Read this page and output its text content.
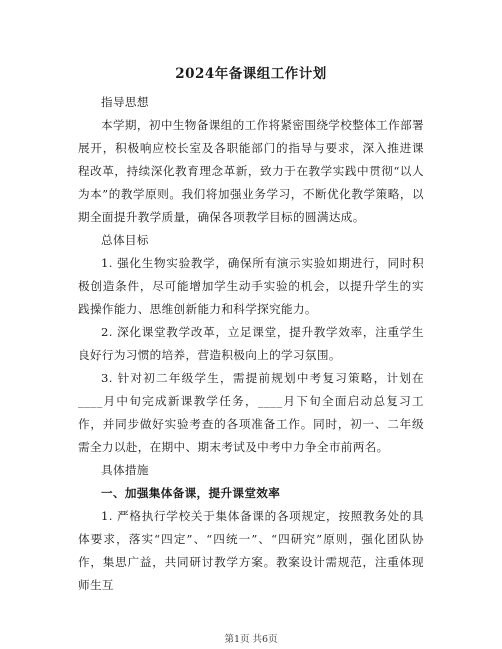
2024年备课组工作计划

指导思想

本学期，初中生物备课组的工作将紧密围绕学校整体工作部署展开，积极响应校长室及各职能部门的指导与要求，深入推进课程改革，持续深化教育理念革新，致力于在教学实践中贯彻“以人为本”的教学原则。我们将加强业务学习，不断优化教学策略，以期全面提升教学质量，确保各项教学目标的圆满达成。

总体目标

1. 强化生物实验教学，确保所有演示实验如期进行，同时积极创造条件，尽可能增加学生动手实验的机会，以提升学生的实践操作能力、思维创新能力和科学探究能力。

2. 深化课堂教学改革，立足课堂，提升教学效率，注重学生良好行为习惯的培养，营造积极向上的学习氛围。

3. 针对初二年级学生，需提前规划中考复习策略，计划在____月中旬完成新课教学任务，____月下旬全面启动总复习工作，并同步做好实验考查的各项准备工作。同时，初一、二年级需全力以赴，在期中、期末考试及中考中力争全市前两名。

具体措施

一、加强集体备课，提升课堂效率

1. 严格执行学校关于集体备课的各项规定，按照教务处的具体要求，落实“四定”、“四统一”、“四研究”原则，强化团队协作，集思广益，共同研讨教学方案。教案设计需规范，注重体现师生互

第1页 共6页
